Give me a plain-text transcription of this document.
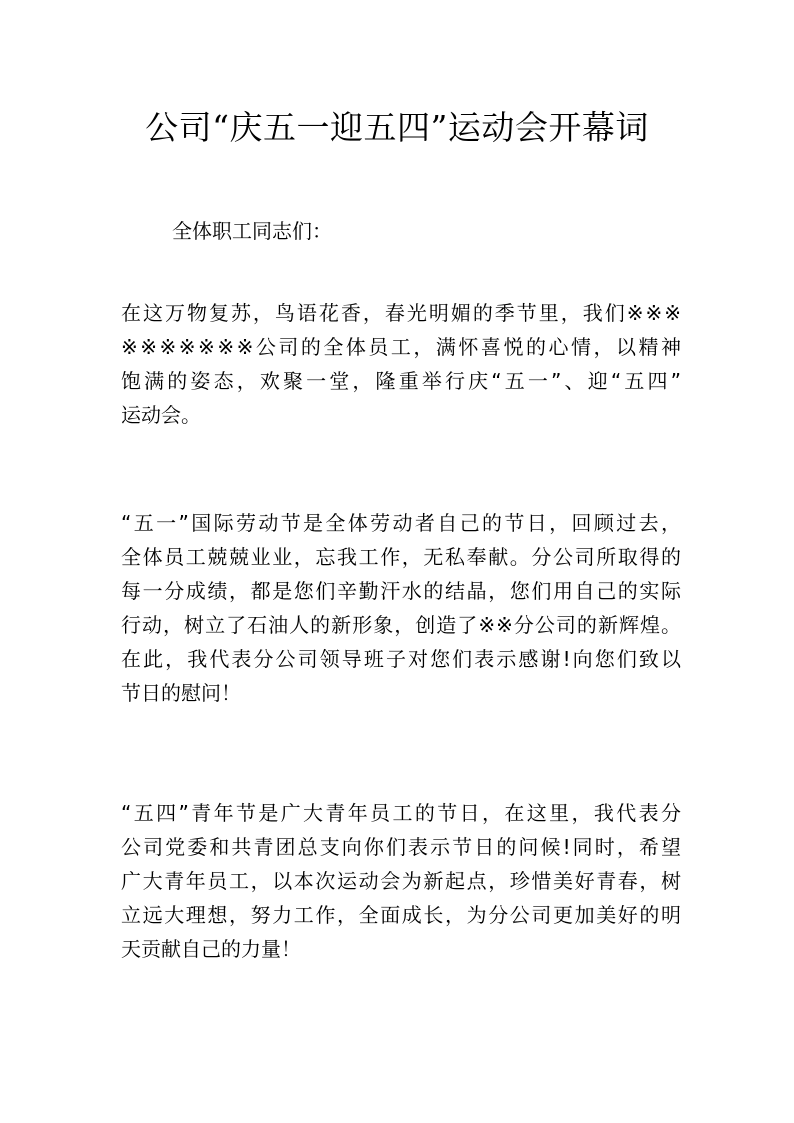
公司“庆五一迎五四”运动会开幕词
全体职工同志们：
在这万物复苏，鸟语花香，春光明媚的季节里，我们※※※
※※※※※※※公司的全体员工，满怀喜悦的心情，以精神
饱满的姿态，欢聚一堂，隆重举行庆“五一”、迎“五四”
运动会。
“五一”国际劳动节是全体劳动者自己的节日，回顾过去，
全体员工兢兢业业，忘我工作，无私奉献。分公司所取得的
每一分成绩，都是您们辛勤汗水的结晶，您们用自己的实际
行动，树立了石油人的新形象，创造了※※分公司的新辉煌。
在此，我代表分公司领导班子对您们表示感谢!向您们致以
节日的慰问！
“五四”青年节是广大青年员工的节日，在这里，我代表分
公司党委和共青团总支向你们表示节日的问候!同时，希望
广大青年员工，以本次运动会为新起点，珍惜美好青春，树
立远大理想，努力工作，全面成长，为分公司更加美好的明
天贡献自己的力量！
